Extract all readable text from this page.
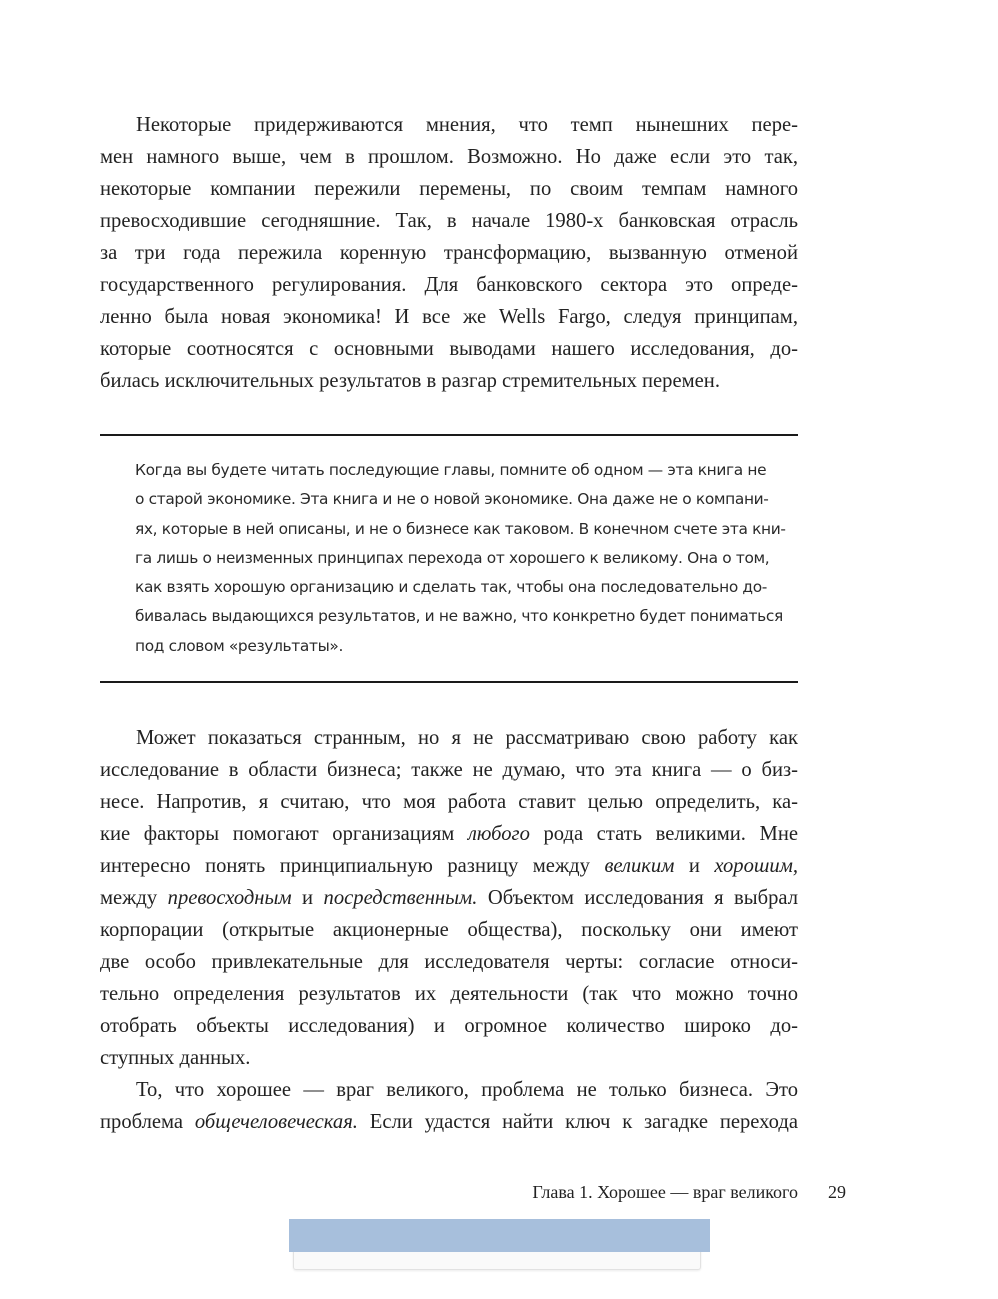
Некоторые придерживаются мнения, что темп нынешних пере-
мен намного выше, чем в прошлом. Возможно. Но даже если это так,
некоторые компании пережили перемены, по своим темпам намного
превосходившие сегодняшние. Так, в начале 1980-х банковская отрасль
за три года пережила коренную трансформацию, вызванную отменой
государственного регулирования. Для банковского сектора это опреде-
ленно была новая экономика! И все же Wells Fargo, следуя принципам,
которые соотносятся с основными выводами нашего исследования, до-
билась исключительных результатов в разгар стремительных перемен.
Когда вы будете читать последующие главы, помните об одном — эта книга не
о старой экономике. Эта книга и не о новой экономике. Она даже не о компани-
ях, которые в ней описаны, и не о бизнесе как таковом. В конечном счете эта кни-
га лишь о неизменных принципах перехода от хорошего к великому. Она о том,
как взять хорошую организацию и сделать так, чтобы она последовательно до-
бивалась выдающихся результатов, и не важно, что конкретно будет пониматься
под словом «результаты».
Может показаться странным, но я не рассматриваю свою работу как
исследование в области бизнеса; также не думаю, что эта книга — о биз-
несе. Напротив, я считаю, что моя работа ставит целью определить, ка-
кие факторы помогают организациям любого рода стать великими. Мне
интересно понять принципиальную разницу между великим и хорошим,
между превосходным и посредственным. Объектом исследования я выбрал
корпорации (открытые акционерные общества), поскольку они имеют
две особо привлекательные для исследователя черты: согласие относи-
тельно определения результатов их деятельности (так что можно точно
отобрать объекты исследования) и огромное количество широко до-
ступных данных.
То, что хорошее — враг великого, проблема не только бизнеса. Это
проблема общечеловеческая. Если удастся найти ключ к загадке перехода
Глава 1. Хорошее — враг великого 29
